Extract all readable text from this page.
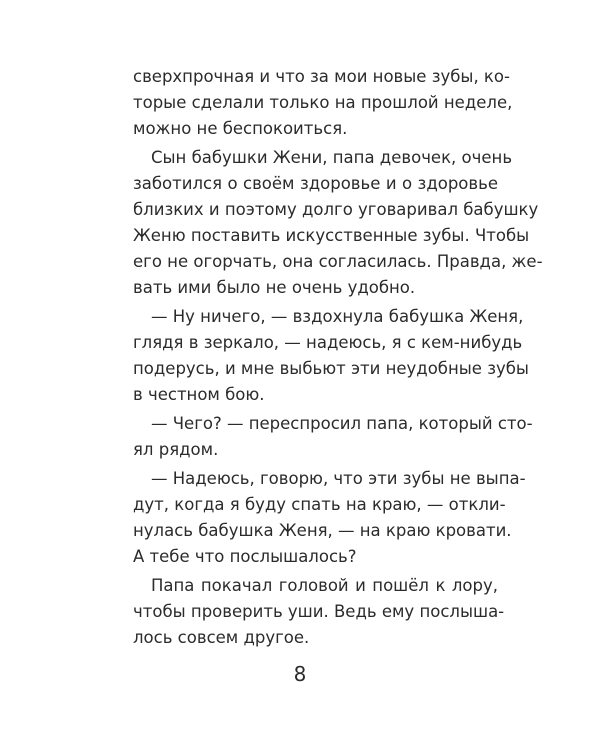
сверхпрочная и что за мои новые зубы, ко-
торые сделали только на прошлой неделе,
можно не беспокоиться.
Сын бабушки Жени, папа девочек, очень
заботился о своём здоровье и о здоровье
близких и поэтому долго уговаривал бабушку
Женю поставить искусственные зубы. Чтобы
его не огорчать, она согласилась. Правда, же-
вать ими было не очень удобно.
— Ну ничего, — вздохнула бабушка Женя,
глядя в зеркало, — надеюсь, я с кем-нибудь
подерусь, и мне выбьют эти неудобные зубы
в честном бою.
— Чего? — переспросил папа, который сто-
ял рядом.
— Надеюсь, говорю, что эти зубы не выпа-
дут, когда я буду спать на краю, — откли-
нулась бабушка Женя, — на краю кровати.
А тебе что послышалось?
Папа покачал головой и пошёл к лору,
чтобы проверить уши. Ведь ему послыша-
лось совсем другое.
8
